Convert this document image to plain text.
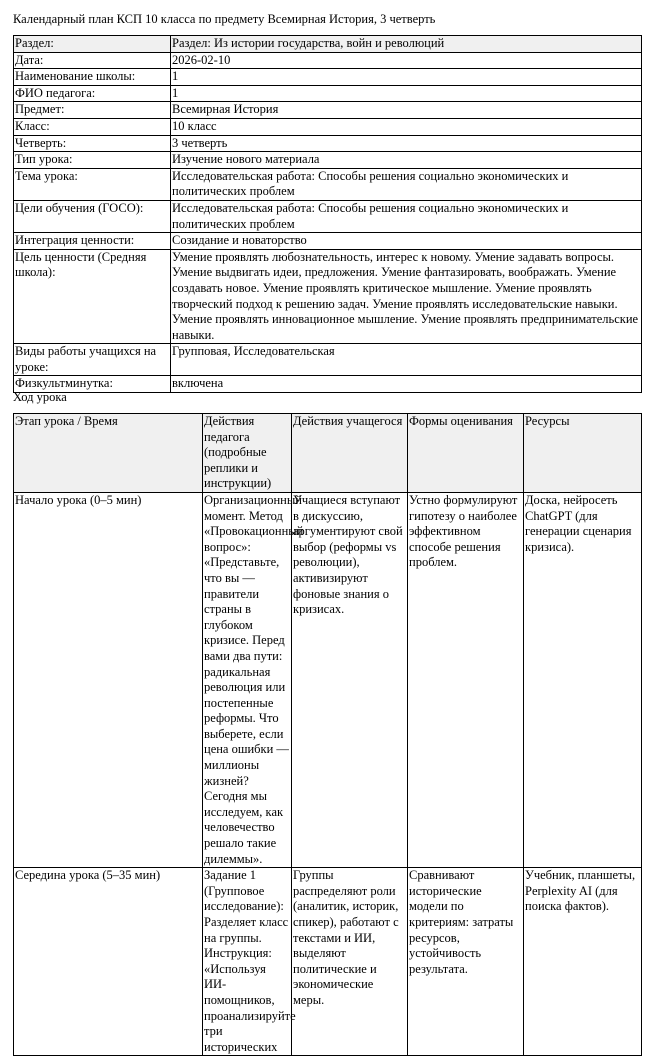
Календарный план КСП 10 класса по предмету Всемирная История, 3 четверть
Раздел:	Раздел: Из истории государства, войн и революций
Дата:	2026-02-10
Наименование школы:	1
ФИО педагога:	1
Предмет:	Всемирная История
Класс:	10 класс
Четверть:	3 четверть
Тип урока:	Изучение нового материала
Тема урока:	Исследовательская работа: Способы решения социально экономических и политических проблем
Цели обучения (ГОСО):	Исследовательская работа: Способы решения социально экономических и политических проблем
Интеграция ценности:	Созидание и новаторство
Цель ценности (Средняя школа):	Умение проявлять любознательность, интерес к новому. Умение задавать вопросы. Умение выдвигать идеи, предложения. Умение фантазировать, воображать. Умение создавать новое. Умение проявлять критическое мышление. Умение проявлять творческий подход к решению задач. Умение проявлять исследовательские навыки. Умение проявлять инновационное мышление. Умение проявлять предпринимательские навыки.
Виды работы учащихся на уроке:	Групповая, Исследовательская
Физкультминутка:	включена
Ход урока
Этап урока / Время	Действия педагога (подробные реплики и инструкции)	Действия учащегося	Формы оценивания	Ресурсы
Начало урока (0–5 мин)	Организационный момент. Метод «Провокационный вопрос»: «Представьте, что вы — правители страны в глубоком кризисе. Перед вами два пути: радикальная революция или постепенные реформы. Что выберете, если цена ошибки — миллионы жизней? Сегодня мы исследуем, как человечество решало такие дилеммы».	Учащиеся вступают в дискуссию, аргументируют свой выбор (реформы vs революции), активизируют фоновые знания о кризисах.	Устно формулируют гипотезу о наиболее эффективном способе решения проблем.	Доска, нейросеть ChatGPT (для генерации сценария кризиса).
Середина урока (5–35 мин)	Задание 1 (Групповое исследование): Разделяет класс на группы. Инструкция: «Используя ИИ-помощников, проанализируйте три исторических	Группы распределяют роли (аналитик, историк, спикер), работают с текстами и ИИ, выделяют политические и экономические меры.	Сравнивают исторические модели по критериям: затраты ресурсов, устойчивость результата.	Учебник, планшеты, Perplexity AI (для поиска фактов).
